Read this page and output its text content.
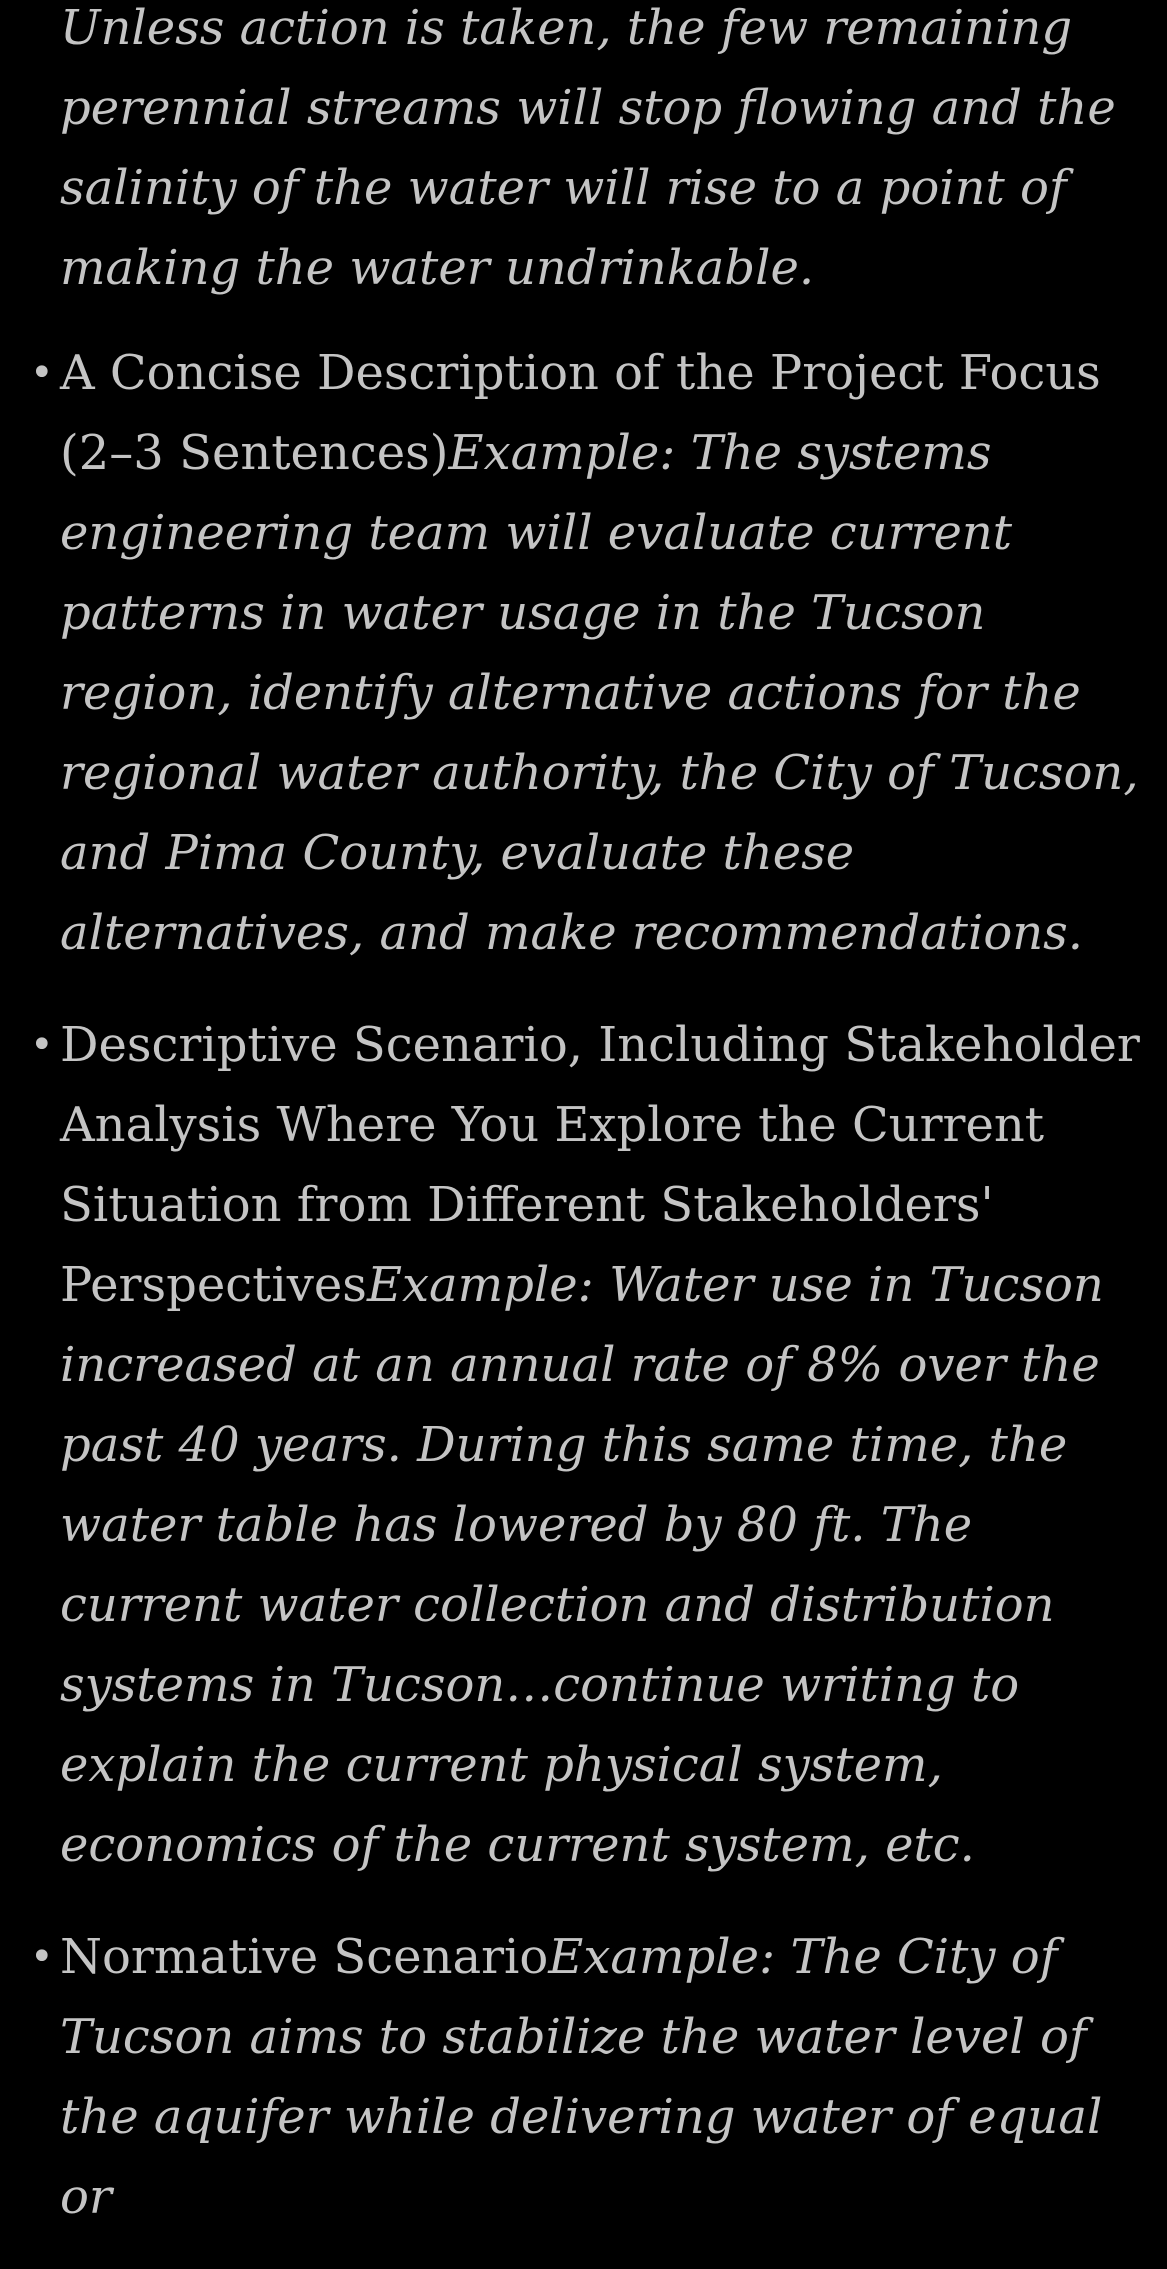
Unless action is taken, the few remaining perennial streams will stop flowing and the salinity of the water will rise to a point of making the water undrinkable.

• A Concise Description of the Project Focus (2–3 Sentences)Example: The systems engineering team will evaluate current patterns in water usage in the Tucson region, identify alternative actions for the regional water authority, the City of Tucson, and Pima County, evaluate these alternatives, and make recommendations.
• Descriptive Scenario, Including Stakeholder Analysis Where You Explore the Current Situation from Different Stakeholders' PerspectivesExample: Water use in Tucson increased at an annual rate of 8% over the past 40 years. During this same time, the water table has lowered by 80 ft. The current water collection and distribution systems in Tucson…continue writing to explain the current physical system, economics of the current system, etc.
• Normative ScenarioExample: The City of Tucson aims to stabilize the water level of the aquifer while delivering water of equal or
